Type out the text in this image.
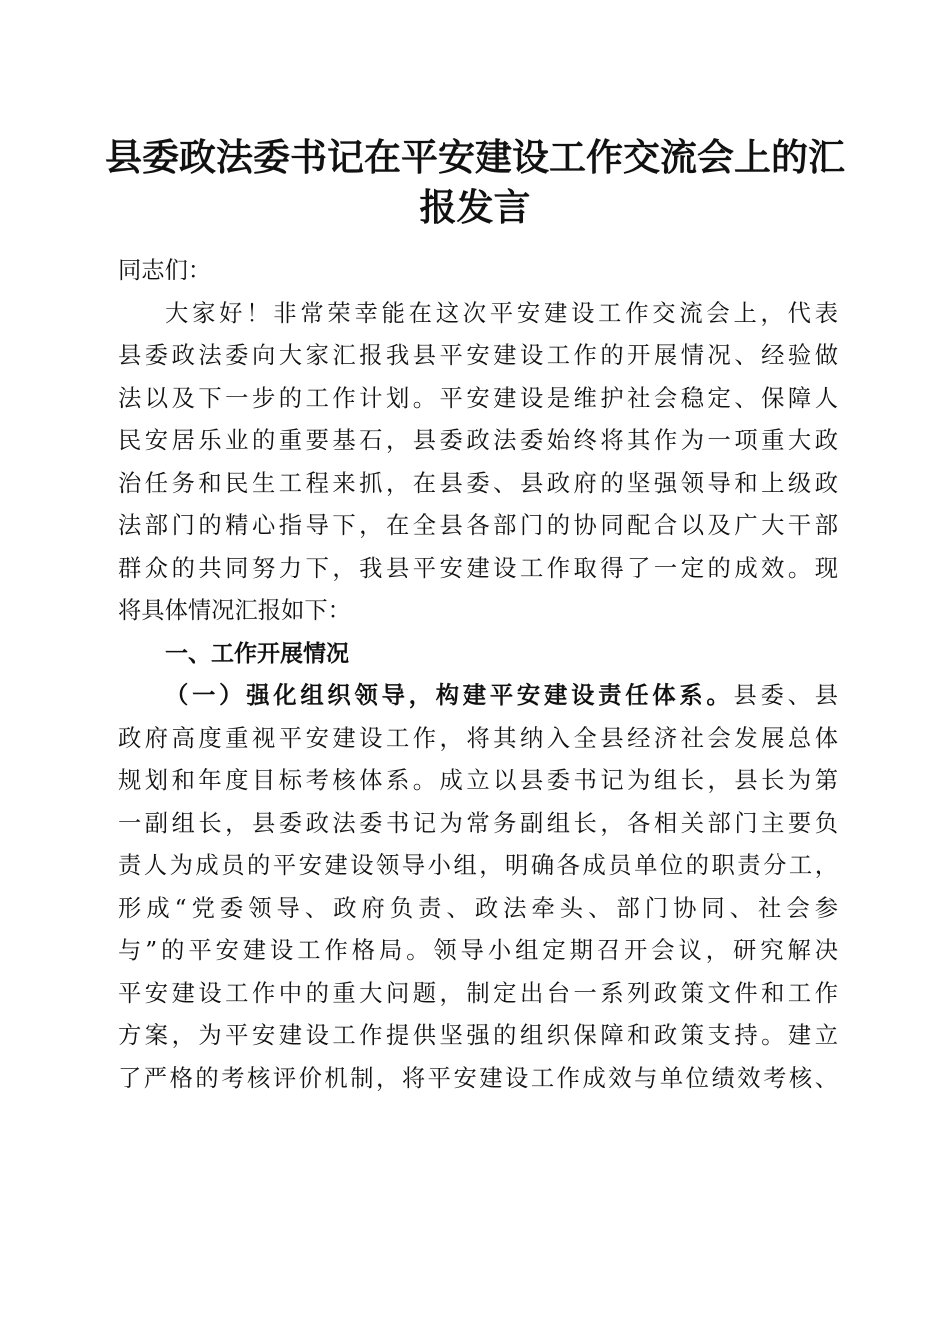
县委政法委书记在平安建设工作交流会上的汇
报发言
同志们：
大家好！非常荣幸能在这次平安建设工作交流会上，代表
县委政法委向大家汇报我县平安建设工作的开展情况、经验做
法以及下一步的工作计划。平安建设是维护社会稳定、保障人
民安居乐业的重要基石，县委政法委始终将其作为一项重大政
治任务和民生工程来抓，在县委、县政府的坚强领导和上级政
法部门的精心指导下，在全县各部门的协同配合以及广大干部
群众的共同努力下，我县平安建设工作取得了一定的成效。现
将具体情况汇报如下：
一、工作开展情况
（一）强化组织领导，构建平安建设责任体系。县委、县
政府高度重视平安建设工作，将其纳入全县经济社会发展总体
规划和年度目标考核体系。成立以县委书记为组长，县长为第
一副组长，县委政法委书记为常务副组长，各相关部门主要负
责人为成员的平安建设领导小组，明确各成员单位的职责分工，
形成“党委领导、政府负责、政法牵头、部门协同、社会参
与”的平安建设工作格局。领导小组定期召开会议，研究解决
平安建设工作中的重大问题，制定出台一系列政策文件和工作
方案，为平安建设工作提供坚强的组织保障和政策支持。建立
了严格的考核评价机制，将平安建设工作成效与单位绩效考核、
